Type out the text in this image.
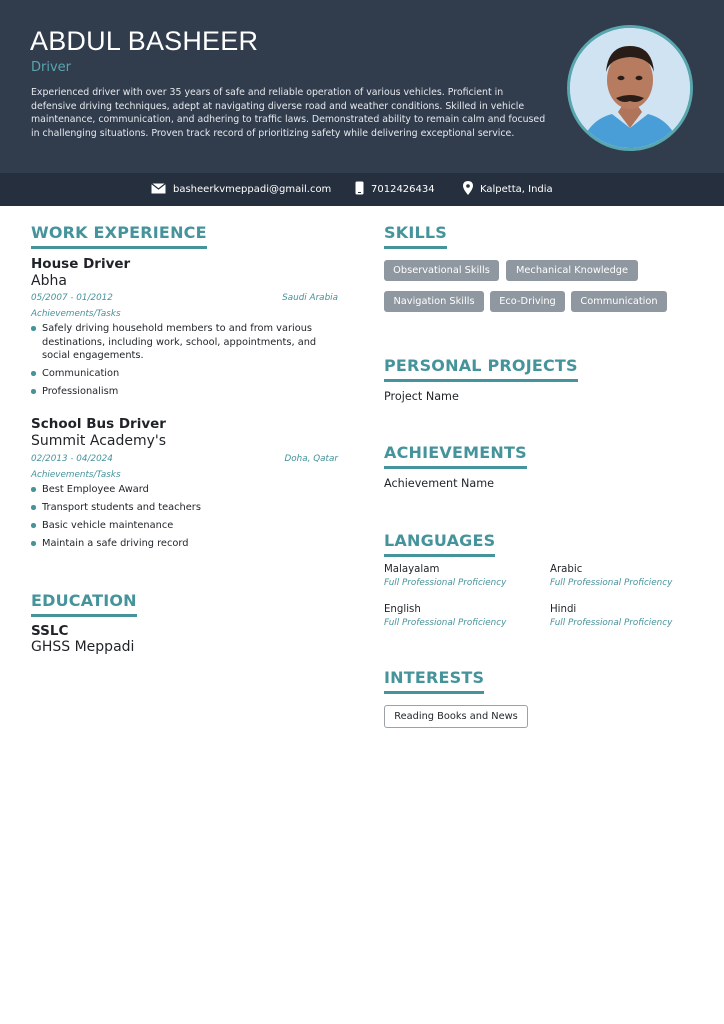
ABDUL BASHEER
Driver
Experienced driver with over 35 years of safe and reliable operation of various vehicles. Proficient in defensive driving techniques, adept at navigating diverse road and weather conditions. Skilled in vehicle maintenance, communication, and adhering to traffic laws. Demonstrated ability to remain calm and focused in challenging situations. Proven track record of prioritizing safety while delivering exceptional service.
basheerkvmeppadi@gmail.com	7012426434	Kalpetta, India
WORK EXPERIENCE
House Driver
Abha
05/2007 - 01/2012	Saudi Arabia
Achievements/Tasks
Safely driving household members to and from various destinations, including work, school, appointments, and social engagements.
Communication
Professionalism
School Bus Driver
Summit Academy's
02/2013 - 04/2024	Doha, Qatar
Achievements/Tasks
Best Employee Award
Transport students and teachers
Basic vehicle maintenance
Maintain a safe driving record
EDUCATION
SSLC
GHSS Meppadi
SKILLS
Observational Skills	Mechanical Knowledge
Navigation Skills	Eco-Driving	Communication
PERSONAL PROJECTS
Project Name
ACHIEVEMENTS
Achievement Name
LANGUAGES
Malayalam
Full Professional Proficiency
Arabic
Full Professional Proficiency
English
Full Professional Proficiency
Hindi
Full Professional Proficiency
INTERESTS
Reading Books and News
